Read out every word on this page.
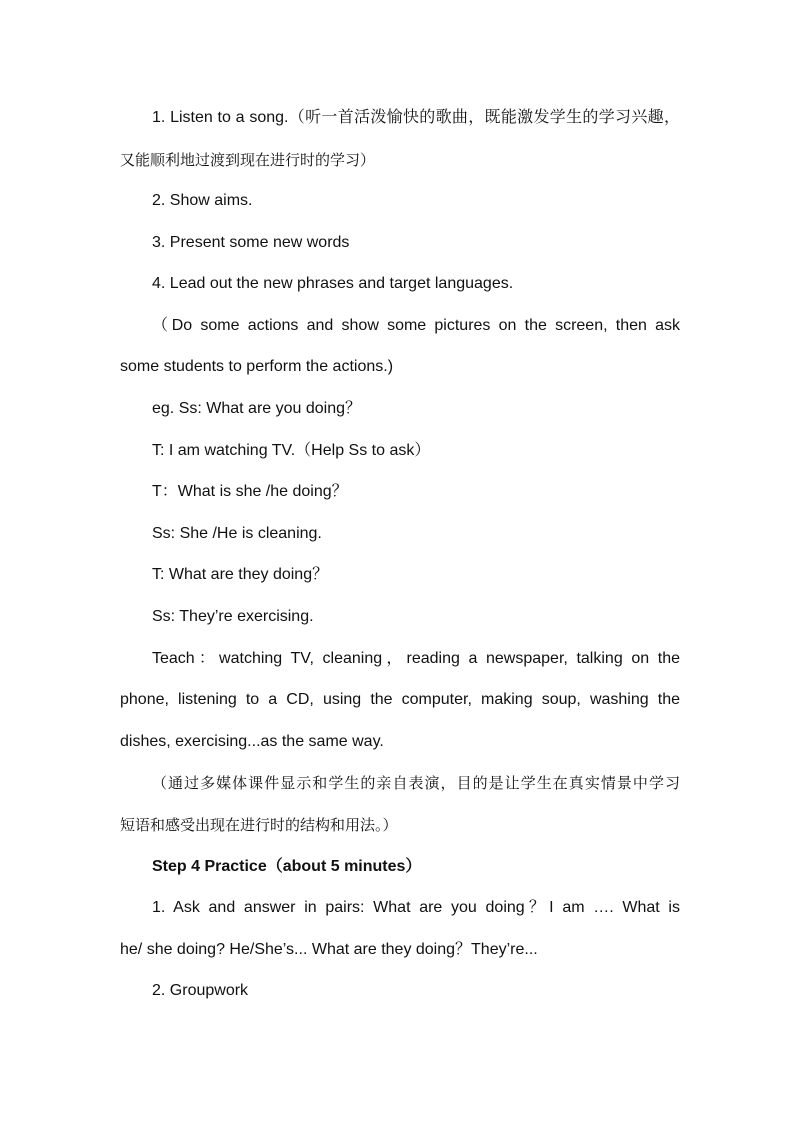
1. Listen to a song.（听一首活泼愉快的歌曲，既能激发学生的学习兴趣，
又能顺利地过渡到现在进行时的学习）
2. Show aims.
3. Present some new words
4. Lead out the new phrases and target languages.
（Do some actions and show some pictures on the screen, then ask
some students to perform the actions.)
eg. Ss: What are you doing？
T: I am watching TV.（Help Ss to ask）
T：What is she /he doing？
Ss: She /He is cleaning.
T: What are they doing？
Ss: They’re exercising.
Teach：watching TV, cleaning，reading a newspaper, talking on the
phone, listening to a CD, using the computer, making soup, washing the
dishes, exercising...as the same way.
（通过多媒体课件显示和学生的亲自表演，目的是让学生在真实情景中学习
短语和感受出现在进行时的结构和用法。）
Step 4 Practice（about 5 minutes）
1. Ask and answer in pairs: What are you doing？I am …. What is
he/ she doing? He/She’s... What are they doing？They’re...
2. Groupwork
